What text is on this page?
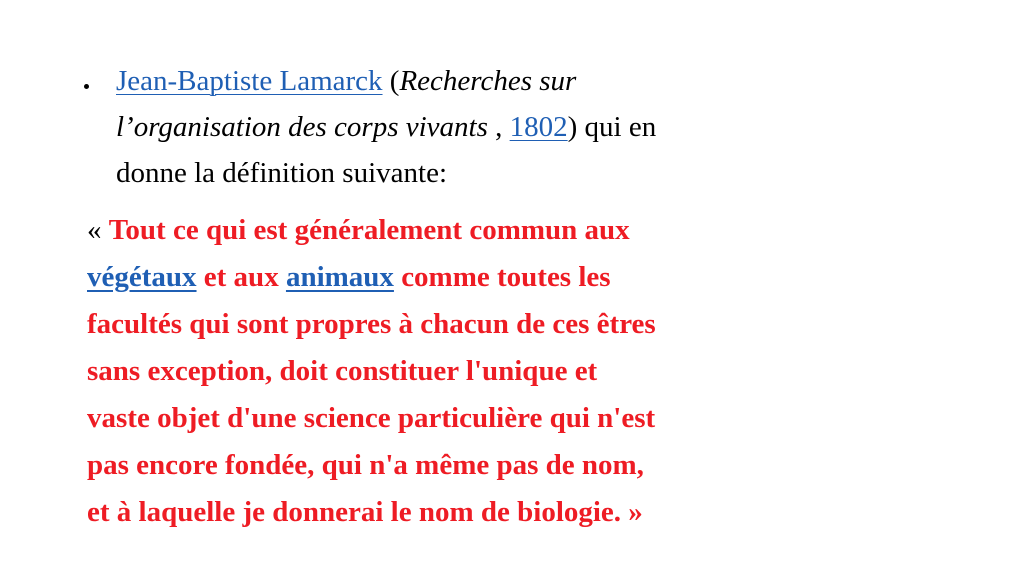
Jean-Baptiste Lamarck (Recherches sur
l’organisation des corps vivants , 1802) qui en
donne la définition suivante:
« Tout ce qui est généralement commun aux
végétaux et aux animaux comme toutes les
facultés qui sont propres à chacun de ces êtres
sans exception, doit constituer l'unique et
vaste objet d'une science particulière qui n'est
pas encore fondée, qui n'a même pas de nom,
et à laquelle je donnerai le nom de biologie. »
